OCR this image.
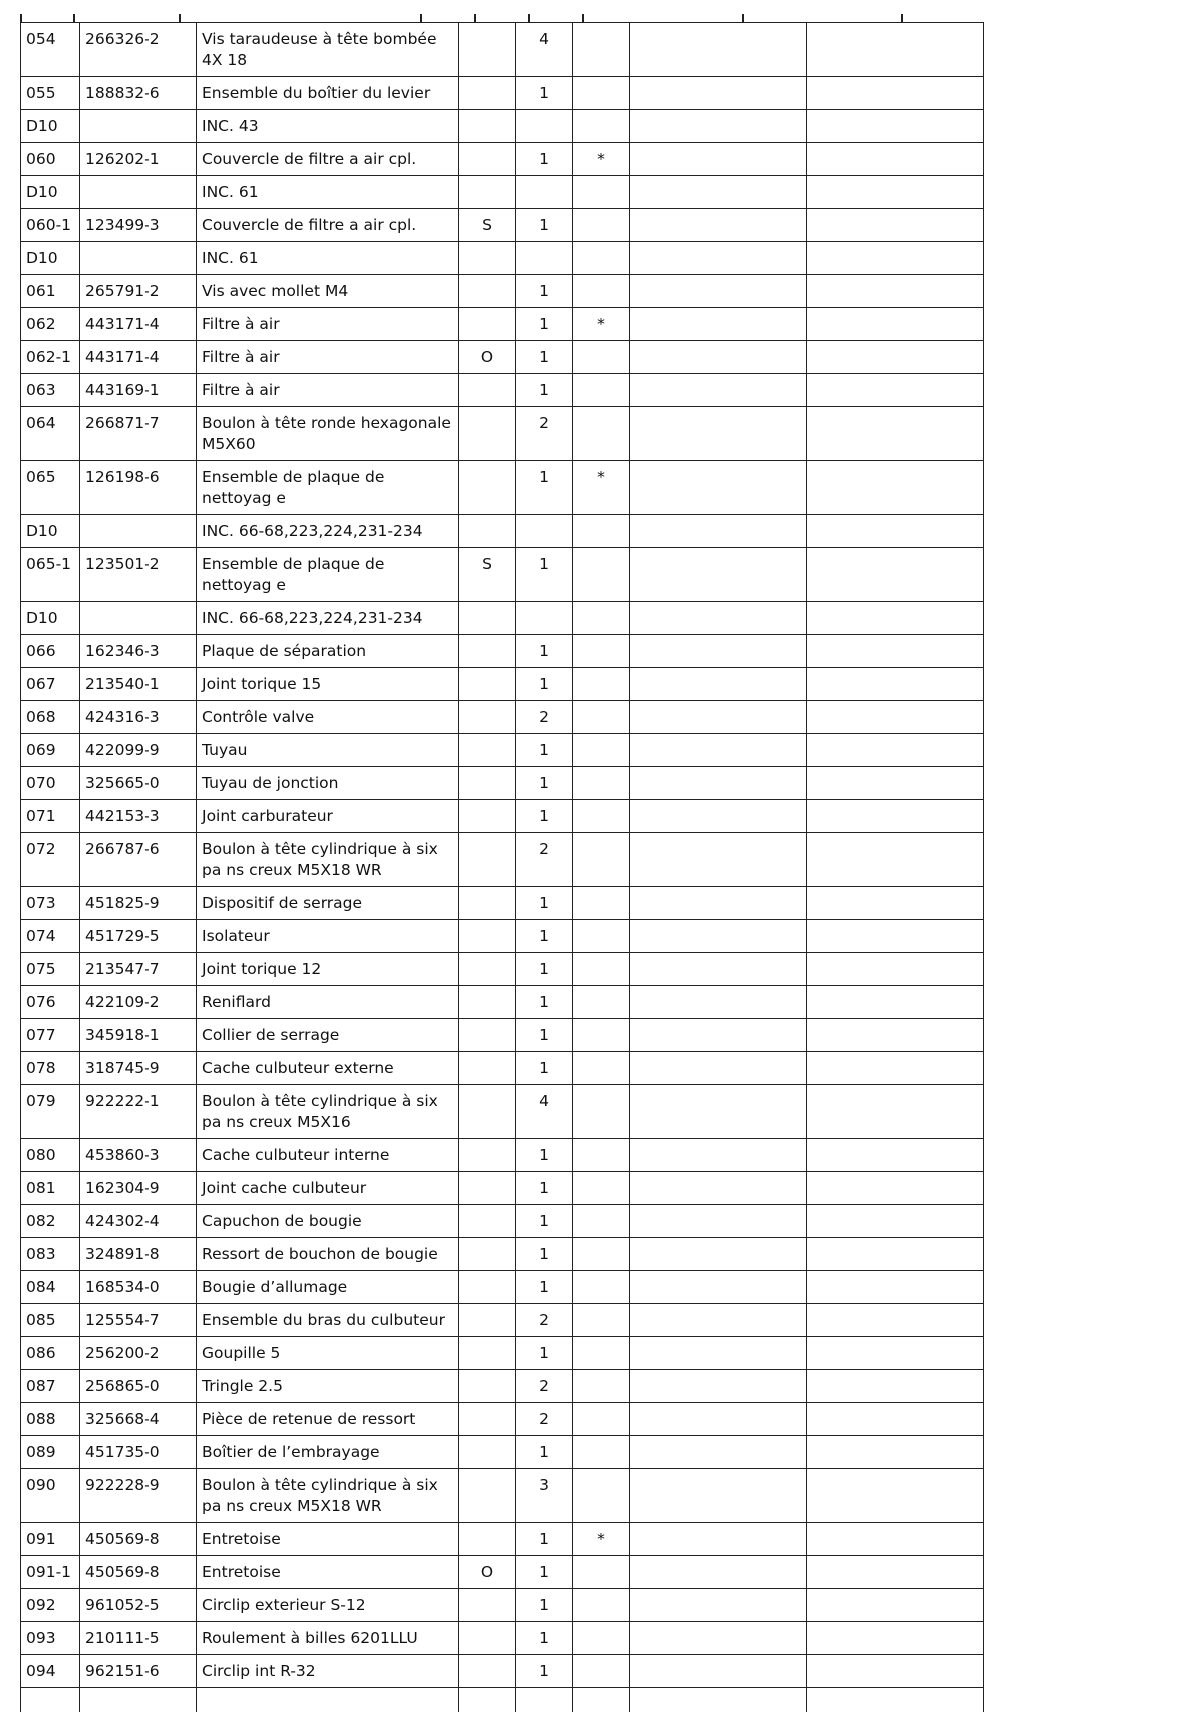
054	266326-2	Vis taraudeuse à tête bombée 4X 18		4			
055	188832-6	Ensemble du boîtier du levier		1			
D10		INC. 43					
060	126202-1	Couvercle de filtre a air cpl.		1	*		
D10		INC. 61					
060-1	123499-3	Couvercle de filtre a air cpl.	S	1			
D10		INC. 61					
061	265791-2	Vis avec mollet M4		1			
062	443171-4	Filtre à air		1	*		
062-1	443171-4	Filtre à air	O	1			
063	443169-1	Filtre à air		1			
064	266871-7	Boulon à tête ronde hexagonale M5X60		2			
065	126198-6	Ensemble de plaque de nettoyag e		1	*		
D10		INC. 66-68,223,224,231-234					
065-1	123501-2	Ensemble de plaque de nettoyag e	S	1			
D10		INC. 66-68,223,224,231-234					
066	162346-3	Plaque de séparation		1			
067	213540-1	Joint torique 15		1			
068	424316-3	Contrôle valve		2			
069	422099-9	Tuyau		1			
070	325665-0	Tuyau de jonction		1			
071	442153-3	Joint carburateur		1			
072	266787-6	Boulon à tête cylindrique à six pa ns creux M5X18 WR		2			
073	451825-9	Dispositif de serrage		1			
074	451729-5	Isolateur		1			
075	213547-7	Joint torique 12		1			
076	422109-2	Reniflard		1			
077	345918-1	Collier de serrage		1			
078	318745-9	Cache culbuteur externe		1			
079	922222-1	Boulon à tête cylindrique à six pa ns creux M5X16		4			
080	453860-3	Cache culbuteur interne		1			
081	162304-9	Joint cache culbuteur		1			
082	424302-4	Capuchon de bougie		1			
083	324891-8	Ressort de bouchon de bougie		1			
084	168534-0	Bougie d’allumage		1			
085	125554-7	Ensemble du bras du culbuteur		2			
086	256200-2	Goupille 5		1			
087	256865-0	Tringle 2.5		2			
088	325668-4	Pièce de retenue de ressort		2			
089	451735-0	Boîtier de l’embrayage		1			
090	922228-9	Boulon à tête cylindrique à six pa ns creux M5X18 WR		3			
091	450569-8	Entretoise		1	*		
091-1	450569-8	Entretoise	O	1			
092	961052-5	Circlip exterieur S-12		1			
093	210111-5	Roulement à billes 6201LLU		1			
094	962151-6	Circlip int R-32		1			
